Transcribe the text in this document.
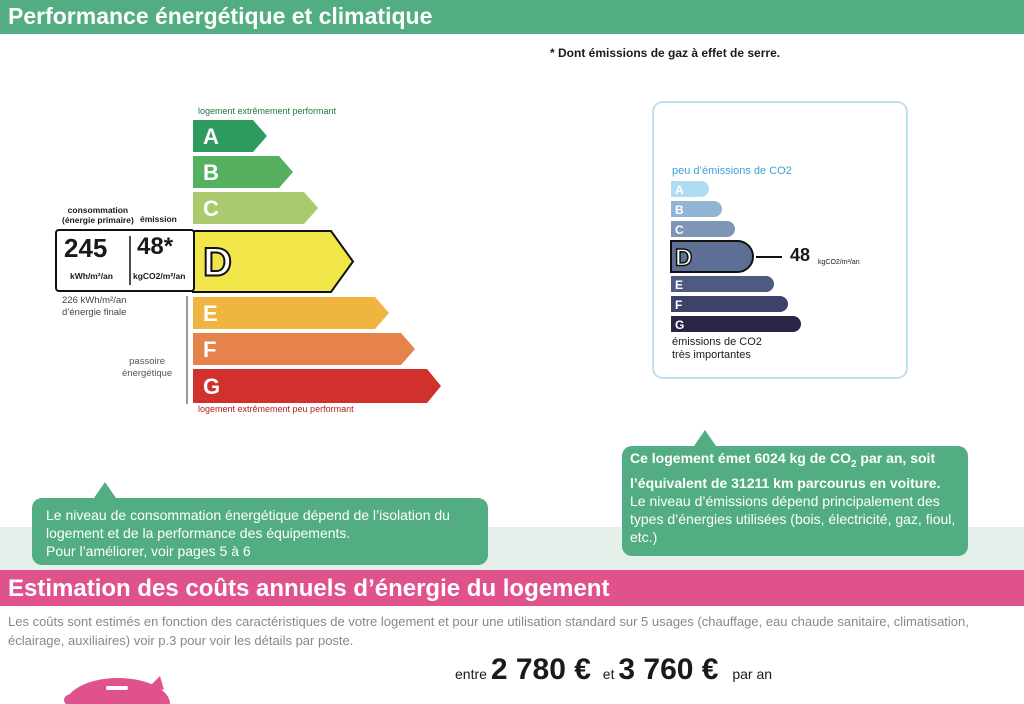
Performance énergétique et climatique
* Dont émissions de gaz à effet de serre.
A
B
C
D
E
F
G
logement extrêmement performant
logement extrêmement peu performant
consommation
(énergie primaire) émission
245 48*
kWh/m²/an kgCO2/m²/an
226 kWh/m²/an
d’énergie finale
passoire
énergétique
A
B
C
D
E
F
G
peu d’émissions de CO2
émissions de CO2
très importantes
48 kgCO2/m²/an
Le niveau de consommation énergétique dépend de l’isolation du
logement et de la performance des équipements.
Pour l’améliorer, voir pages 5 à 6
Ce logement émet 6024 kg de $CO_2$ par an, soit
l’équivalent de 31211 km parcourus en voiture.
Le niveau d’émissions dépend principalement des types d’énergies utilisées (bois, électricité, gaz, fioul, etc.)
Estimation des coûts annuels d’énergie du logement
Les coûts sont estimés en fonction des caractéristiques de votre logement et pour une utilisation standard sur 5 usages (chauffage, eau chaude sanitaire, climatisation, éclairage, auxiliaires) voir p.3 pour voir les détails par poste.
entre 2 780 € et 3 760 € par an
